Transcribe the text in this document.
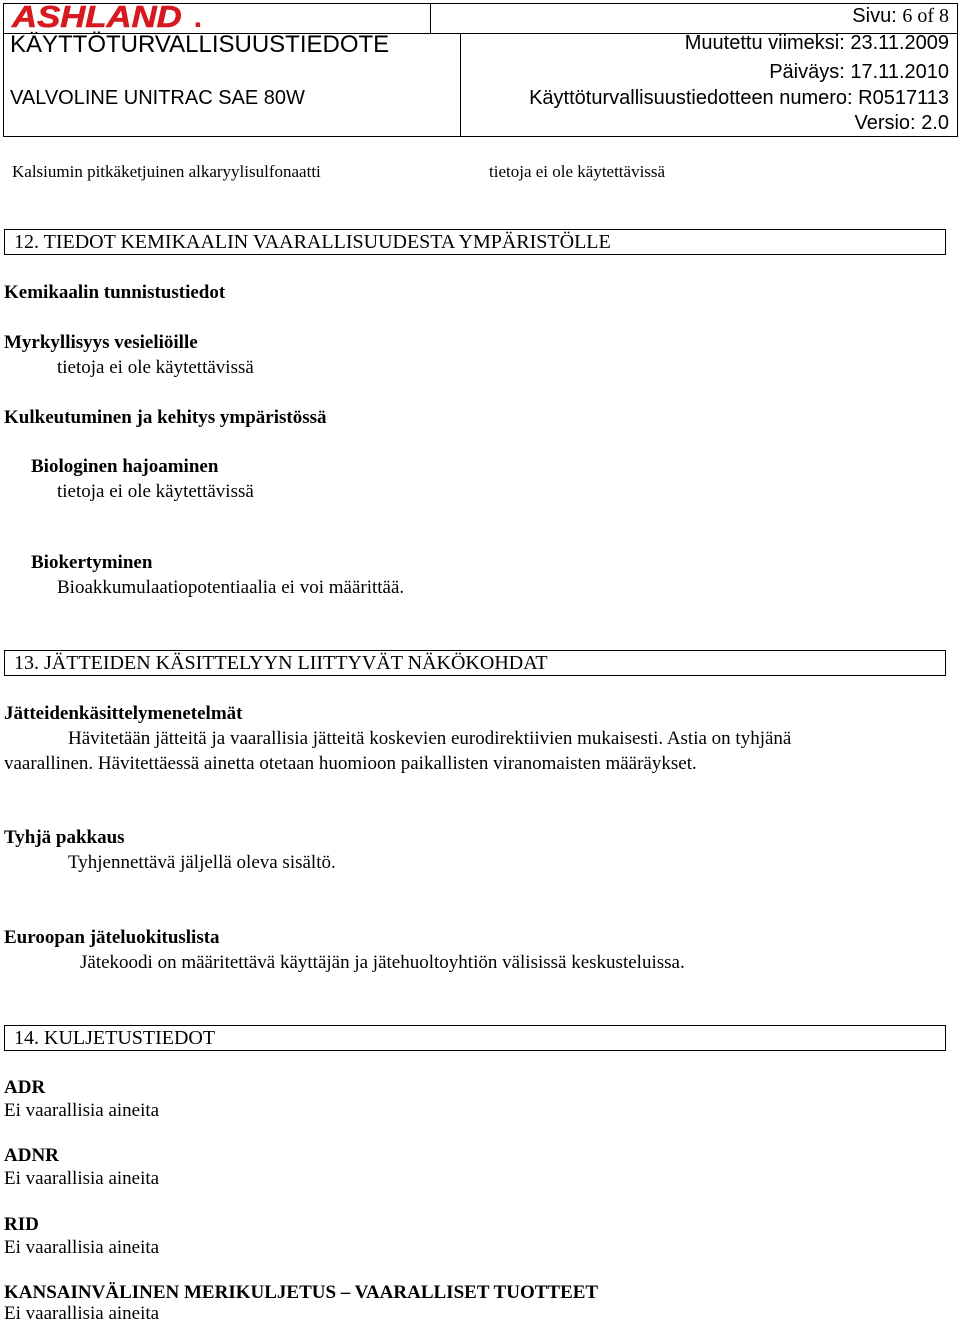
ASHLAND .
KÄYTTÖTURVALLISUUSTIEDOTE
VALVOLINE UNITRAC SAE 80W
Sivu: 6 of 8
Muutettu viimeksi: 23.11.2009
Päiväys: 17.11.2010
Käyttöturvallisuustiedotteen numero: R0517113
Versio: 2.0
Kalsiumin pitkäketjuinen alkaryylisulfonaatti	tietoja ei ole käytettävissä
12. TIEDOT KEMIKAALIN VAARALLISUUDESTA YMPÄRISTÖLLE
Kemikaalin tunnistustiedot
Myrkyllisyys vesieliöille
tietoja ei ole käytettävissä
Kulkeutuminen ja kehitys ympäristössä
Biologinen hajoaminen
tietoja ei ole käytettävissä
Biokertyminen
Bioakkumulaatiopotentiaalia ei voi määrittää.
13. JÄTTEIDEN KÄSITTELYYN LIITTYVÄT NÄKÖKOHDAT
Jätteidenkäsittelymenetelmät
Hävitetään jätteitä ja vaarallisia jätteitä koskevien eurodirektiivien mukaisesti. Astia on tyhjänä
vaarallinen. Hävitettäessä ainetta otetaan huomioon paikallisten viranomaisten määräykset.
Tyhjä pakkaus
Tyhjennettävä jäljellä oleva sisältö.
Euroopan jäteluokituslista
Jätekoodi on määritettävä käyttäjän ja jätehuoltoyhtiön välisissä keskusteluissa.
14. KULJETUSTIEDOT
ADR
Ei vaarallisia aineita
ADNR
Ei vaarallisia aineita
RID
Ei vaarallisia aineita
KANSAINVÄLINEN MERIKULJETUS – VAARALLISET TUOTTEET
Ei vaarallisia aineita
